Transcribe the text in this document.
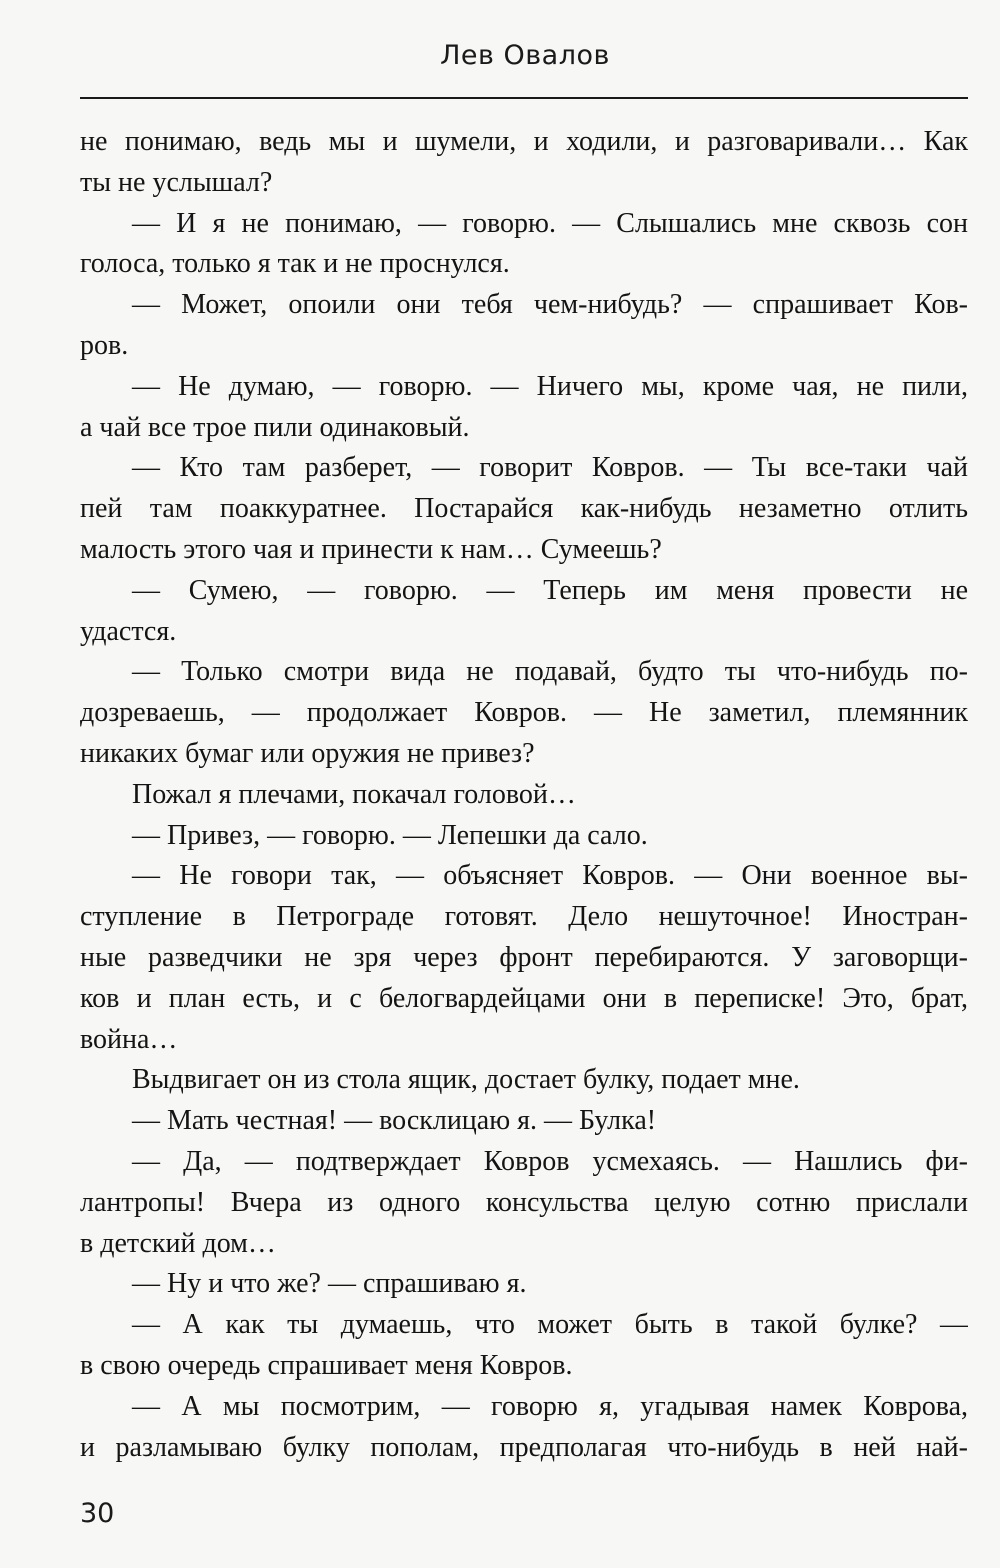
Лев Овалов

не понимаю, ведь мы и шумели, и ходили, и разговаривали… Как

ты не услышал?

— И я не понимаю, — говорю. — Слышались мне сквозь сон

голоса, только я так и не проснулся.

— Может, опоили они тебя чем-нибудь? — спрашивает Ков-

ров.

— Не думаю, — говорю. — Ничего мы, кроме чая, не пили,

а чай все трое пили одинаковый.

— Кто там разберет, — говорит Ковров. — Ты все-таки чай

пей там поаккуратнее. Постарайся как-нибудь незаметно отлить

малость этого чая и принести к нам… Сумеешь?

— Сумею, — говорю. — Теперь им меня провести не

удастся.

— Только смотри вида не подавай, будто ты что-нибудь по-

дозреваешь, — продолжает Ковров. — Не заметил, племянник

никаких бумаг или оружия не привез?

Пожал я плечами, покачал головой…

— Привез, — говорю. — Лепешки да сало.

— Не говори так, — объясняет Ковров. — Они военное вы-

ступление в Петрограде готовят. Дело нешуточное! Иностран-

ные разведчики не зря через фронт перебираются. У заговорщи-

ков и план есть, и с белогвардейцами они в переписке! Это, брат,

война…

Выдвигает он из стола ящик, достает булку, подает мне.

— Мать честная! — восклицаю я. — Булка!

— Да, — подтверждает Ковров усмехаясь. — Нашлись фи-

лантропы! Вчера из одного консульства целую сотню прислали

в детский дом…

— Ну и что же? — спрашиваю я.

— А как ты думаешь, что может быть в такой булке? —

в свою очередь спрашивает меня Ковров.

— А мы посмотрим, — говорю я, угадывая намек Коврова,

и разламываю булку пополам, предполагая что-нибудь в ней най-

30
